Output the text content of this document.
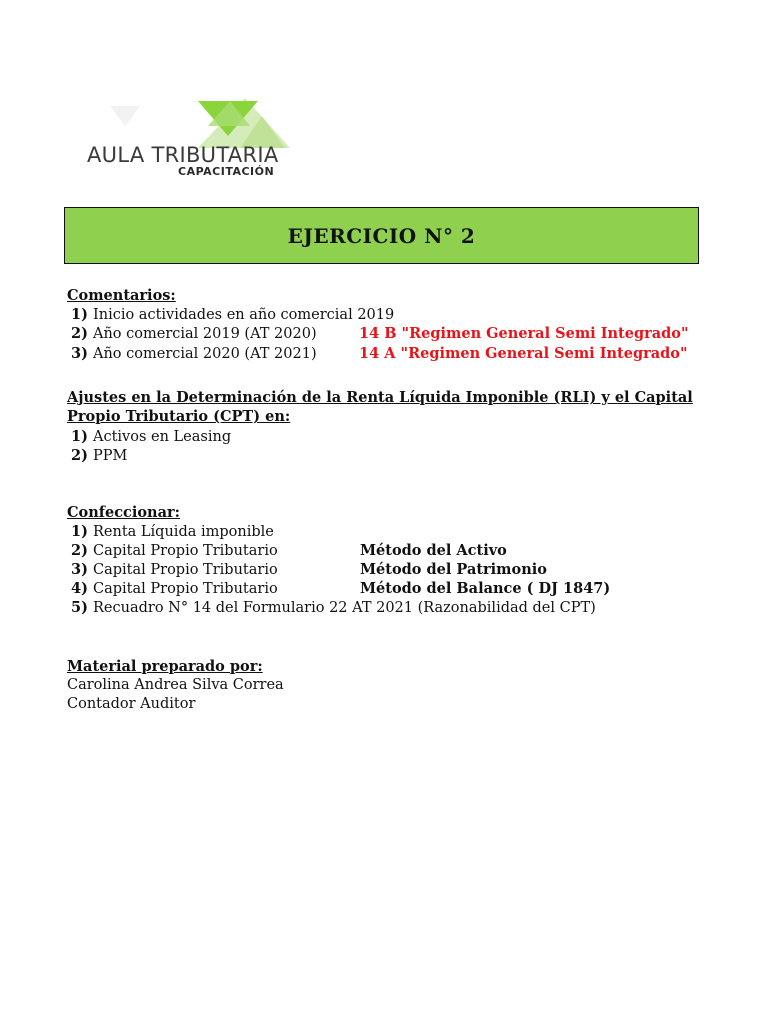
AULA TRIBUTARIA
CAPACITACIÓN
EJERCICIO N° 2
Comentarios:
1) Inicio actividades en año comercial 2019
2) Año comercial 2019 (AT 2020)	14 B "Regimen General Semi Integrado"
3) Año comercial 2020 (AT 2021)	14 A "Regimen General Semi Integrado"
Ajustes en la Determinación de la Renta Líquida Imponible (RLI) y el Capital
Propio Tributario (CPT) en:
1) Activos en Leasing
2) PPM
Confeccionar:
1) Renta Líquida imponible
2) Capital Propio Tributario	Método del Activo
3) Capital Propio Tributario	Método del Patrimonio
4) Capital Propio Tributario	Método del Balance ( DJ 1847)
5) Recuadro N° 14 del Formulario 22 AT 2021 (Razonabilidad del CPT)
Material preparado por:
Carolina Andrea Silva Correa
Contador Auditor
